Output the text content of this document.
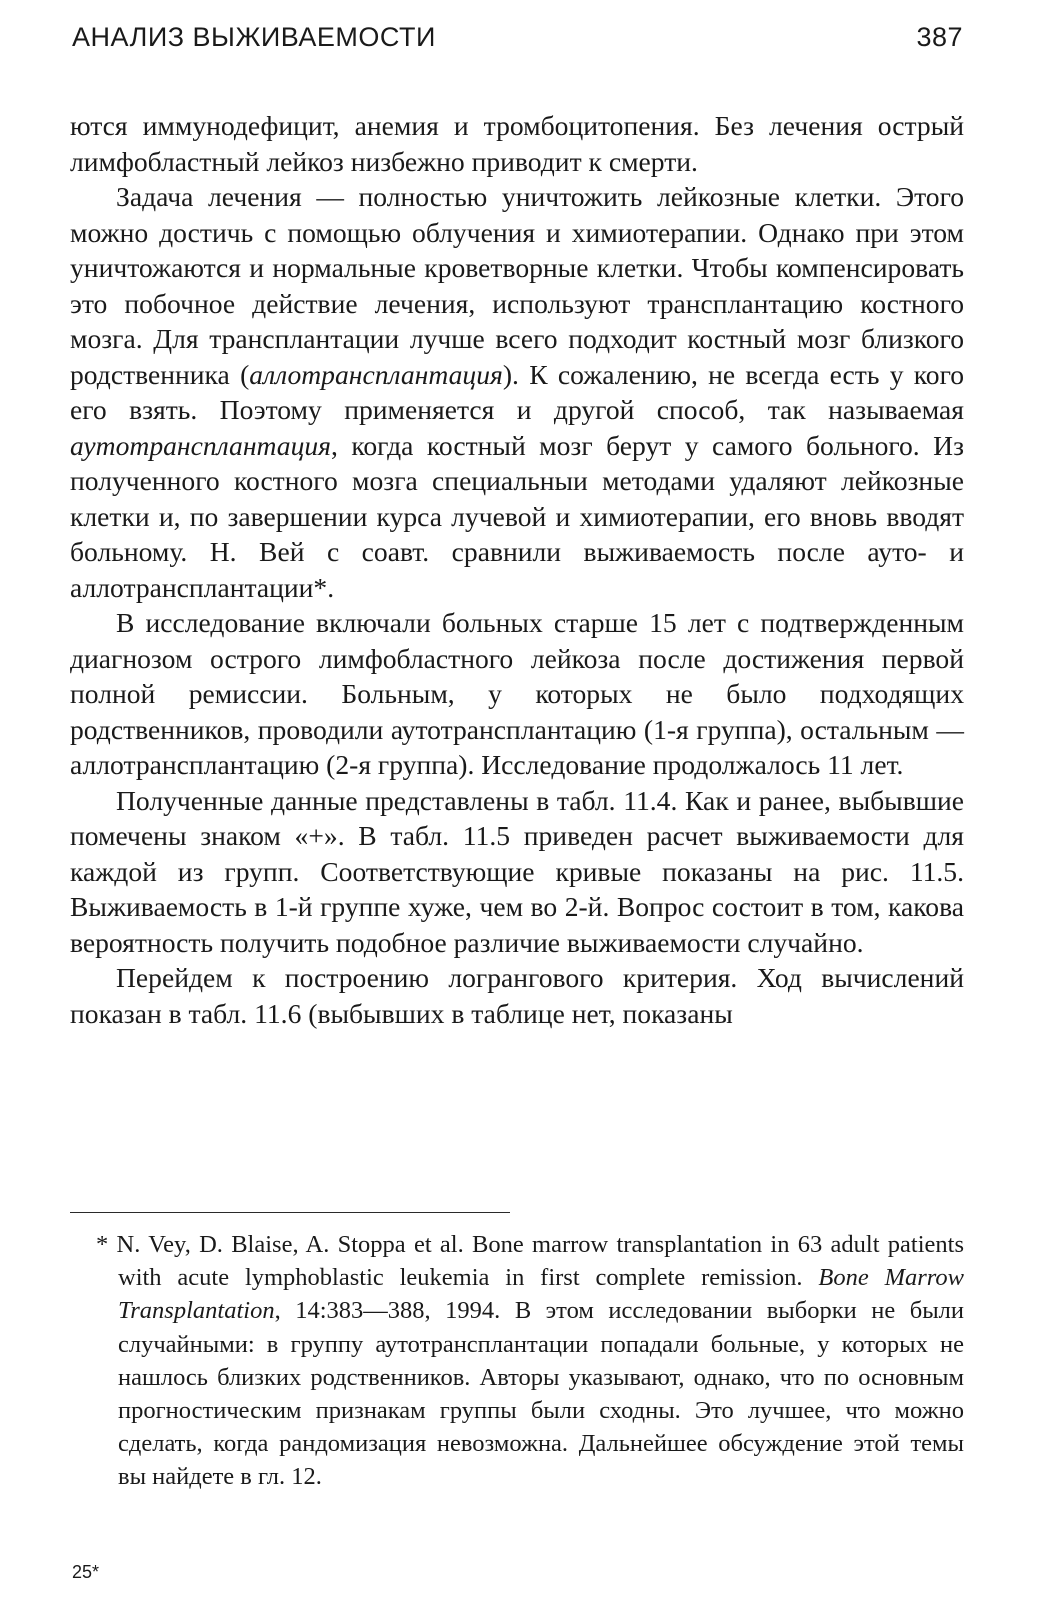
АНАЛИЗ ВЫЖИВАЕМОСТИ	387

ются иммунодефицит, анемия и тромбоцитопения. Без лечения острый лимфобластный лейкоз низбежно приводит к смерти.

Задача лечения — полностью уничтожить лейкозные клетки. Этого можно достичь с помощью облучения и химиотерапии. Однако при этом уничтожаются и нормальные кроветворные клетки. Чтобы компенсировать это побочное действие лечения, используют трансплантацию костного мозга. Для трансплантации лучше всего подходит костный мозг близкого родственника (аллотрансплантация). К сожалению, не всегда есть у кого его взять. Поэтому применяется и другой способ, так называемая аутотрансплантация, когда костный мозг берут у самого больного. Из полученного костного мозга специальныи методами удаляют лейкозные клетки и, по завершении курса лучевой и химиотерапии, его вновь вводят больному. Н. Вей с соавт. сравнили выживаемость после ауто- и аллотрансплантации*.

В исследование включали больных старше 15 лет с подтвержденным диагнозом острого лимфобластного лейкоза после достижения первой полной ремиссии. Больным, у которых не было подходящих родственников, проводили аутотрансплантацию (1-я группа), остальным — аллотрансплантацию (2-я группа). Исследование продолжалось 11 лет.

Полученные данные представлены в табл. 11.4. Как и ранее, выбывшие помечены знаком «+». В табл. 11.5 приведен расчет выживаемости для каждой из групп. Соответствующие кривые показаны на рис. 11.5. Выживаемость в 1-й группе хуже, чем во 2-й. Вопрос состоит в том, какова вероятность получить подобное различие выживаемости случайно.

Перейдем к построению логрангового критерия. Ход вычислений показан в табл. 11.6 (выбывших в таблице нет, показаны

* N. Vey, D. Blaise, A. Stoppa et al. Bone marrow transplantation in 63 adult patients with acute lymphoblastic leukemia in first complete remission. Bone Marrow Transplantation, 14:383—388, 1994. В этом исследовании выборки не были случайными: в группу аутотрансплантации попадали больные, у которых не нашлось близких родственников. Авторы указывают, однако, что по основным прогностическим признакам группы были сходны. Это лучшее, что можно сделать, когда рандомизация невозможна. Дальнейшее обсуждение этой темы вы найдете в гл. 12.

25*
